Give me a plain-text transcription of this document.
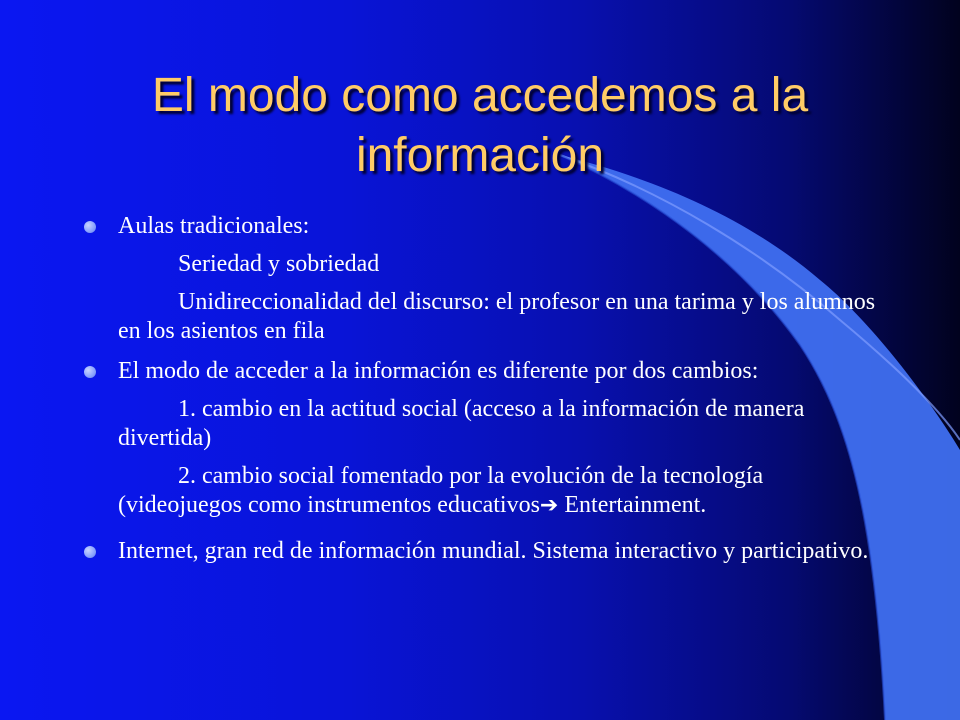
El modo como accedemos a la
información
Aulas tradicionales:
Seriedad y sobriedad
Unidireccionalidad del discurso: el profesor en una tarima y los alumnos en los asientos en fila
El modo de acceder a la información es diferente por dos cambios:
1. cambio en la actitud social (acceso a la información de manera divertida)
2. cambio social fomentado por la evolución de la tecnología (videojuegos como instrumentos educativos➔ Entertainment.
Internet, gran red de información mundial. Sistema interactivo y participativo.
